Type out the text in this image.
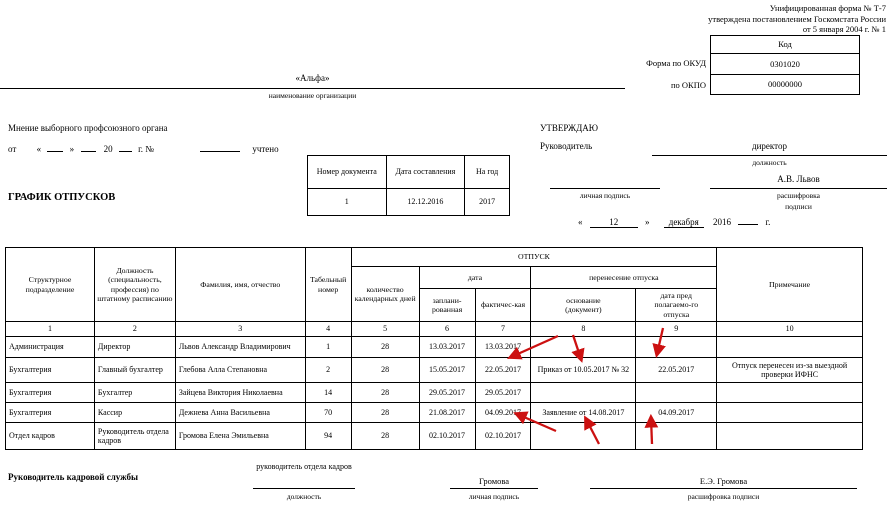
Унифицированная форма № Т-7
утверждена постановлением Госкомстата России
от 5 января 2004 г. № 1
Код
0301020
00000000
Форма по ОКУД
по ОКПО
«Альфа»
наименование организации
Мнение выборного профсоюзного органа
от «	»	20	г. №	учтено
ГРАФИК ОТПУСКОВ
Номер документа	Дата составления	На год
1	12.12.2016	2017
УТВЕРЖДАЮ
Руководитель	директор
должность
А.В. Львов
личная подпись	расшифровка подписи
«	12	» декабря 2016	г.
Структурное подразделение	Должность (специальность, профессия) по штатному расписанию	Фамилия, имя, отчество	Табельный номер	ОТПУСК					Примечание
				количество календарных дней	дата		перенесение отпуска		
					заплани-рованная	фактичес-кая	основание (документ)	дата пред полагаемо-го отпуска	
1	2	3	4	5	6	7	8	9	10
Администрация	Директор	Львов Александр Владимирович	1	28	13.03.2017	13.03.2017			
Бухгалтерия	Главный бухгалтер	Глебова Алла Степановна	2	28	15.05.2017	22.05.2017	Приказ от 10.05.2017 № 32	22.05.2017	Отпуск перенесен из-за выездной проверки ИФНС
Бухгалтерия	Бухгалтер	Зайцева Виктория Николаевна	14	28	29.05.2017	29.05.2017			
Бухгалтерия	Кассир	Дежнева Анна Васильевна	70	28	21.08.2017	04.09.2017	Заявление от 14.08.2017	04.09.2017	
Отдел кадров	Руководитель отдела кадров	Громова Елена Эмильевна	94	28	02.10.2017	02.10.2017			
Руководитель кадровой службы
руководитель отдела кадров
должность
Громова
личная подпись
Е.Э. Громова
расшифровка подписи
